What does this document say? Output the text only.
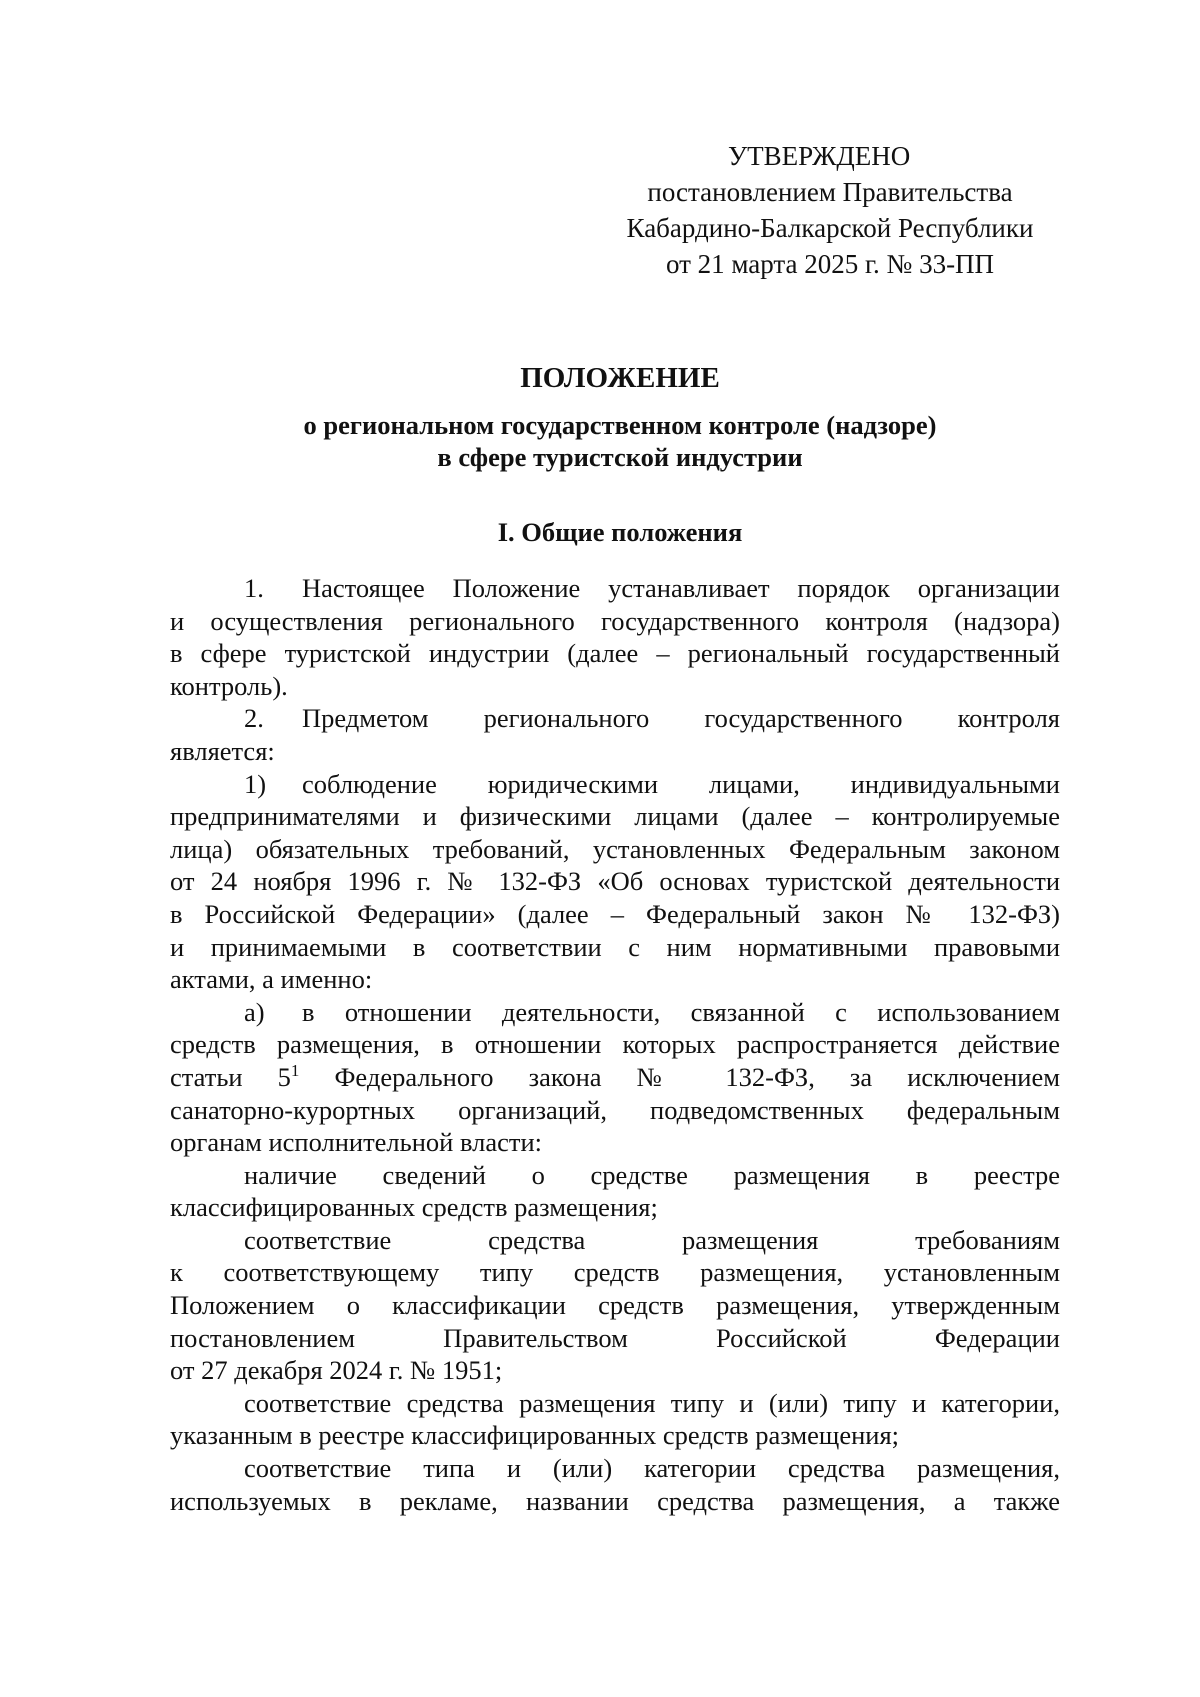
УТВЕРЖДЕНО
постановлением Правительства
Кабардино-Балкарской Республики
от 21 марта 2025 г. № 33-ПП

ПОЛОЖЕНИЕ

о региональном государственном контроле (надзоре)
в сфере туристской индустрии

I. Общие положения

1. Настоящее Положение устанавливает порядок организации
и осуществления регионального государственного контроля (надзора)
в сфере туристской индустрии (далее – региональный государственный
контроль).
2. Предметом регионального государственного контроля
является:
1) соблюдение юридическими лицами, индивидуальными
предпринимателями и физическими лицами (далее – контролируемые
лица) обязательных требований, установленных Федеральным законом
от 24 ноября 1996 г. № 132-ФЗ «Об основах туристской деятельности
в Российской Федерации» (далее – Федеральный закон № 132-ФЗ)
и принимаемыми в соответствии с ним нормативными правовыми
актами, а именно:
а) в отношении деятельности, связанной с использованием
средств размещения, в отношении которых распространяется действие
статьи 5$^1$ Федерального закона № 132-ФЗ, за исключением
санаторно-курортных организаций, подведомственных федеральным
органам исполнительной власти:
наличие сведений о средстве размещения в реестре
классифицированных средств размещения;
соответствие средства размещения требованиям
к соответствующему типу средств размещения, установленным
Положением о классификации средств размещения, утвержденным
постановлением Правительством Российской Федерации
от 27 декабря 2024 г. № 1951;
соответствие средства размещения типу и (или) типу и категории,
указанным в реестре классифицированных средств размещения;
соответствие типа и (или) категории средства размещения,
используемых в рекламе, названии средства размещения, а также
